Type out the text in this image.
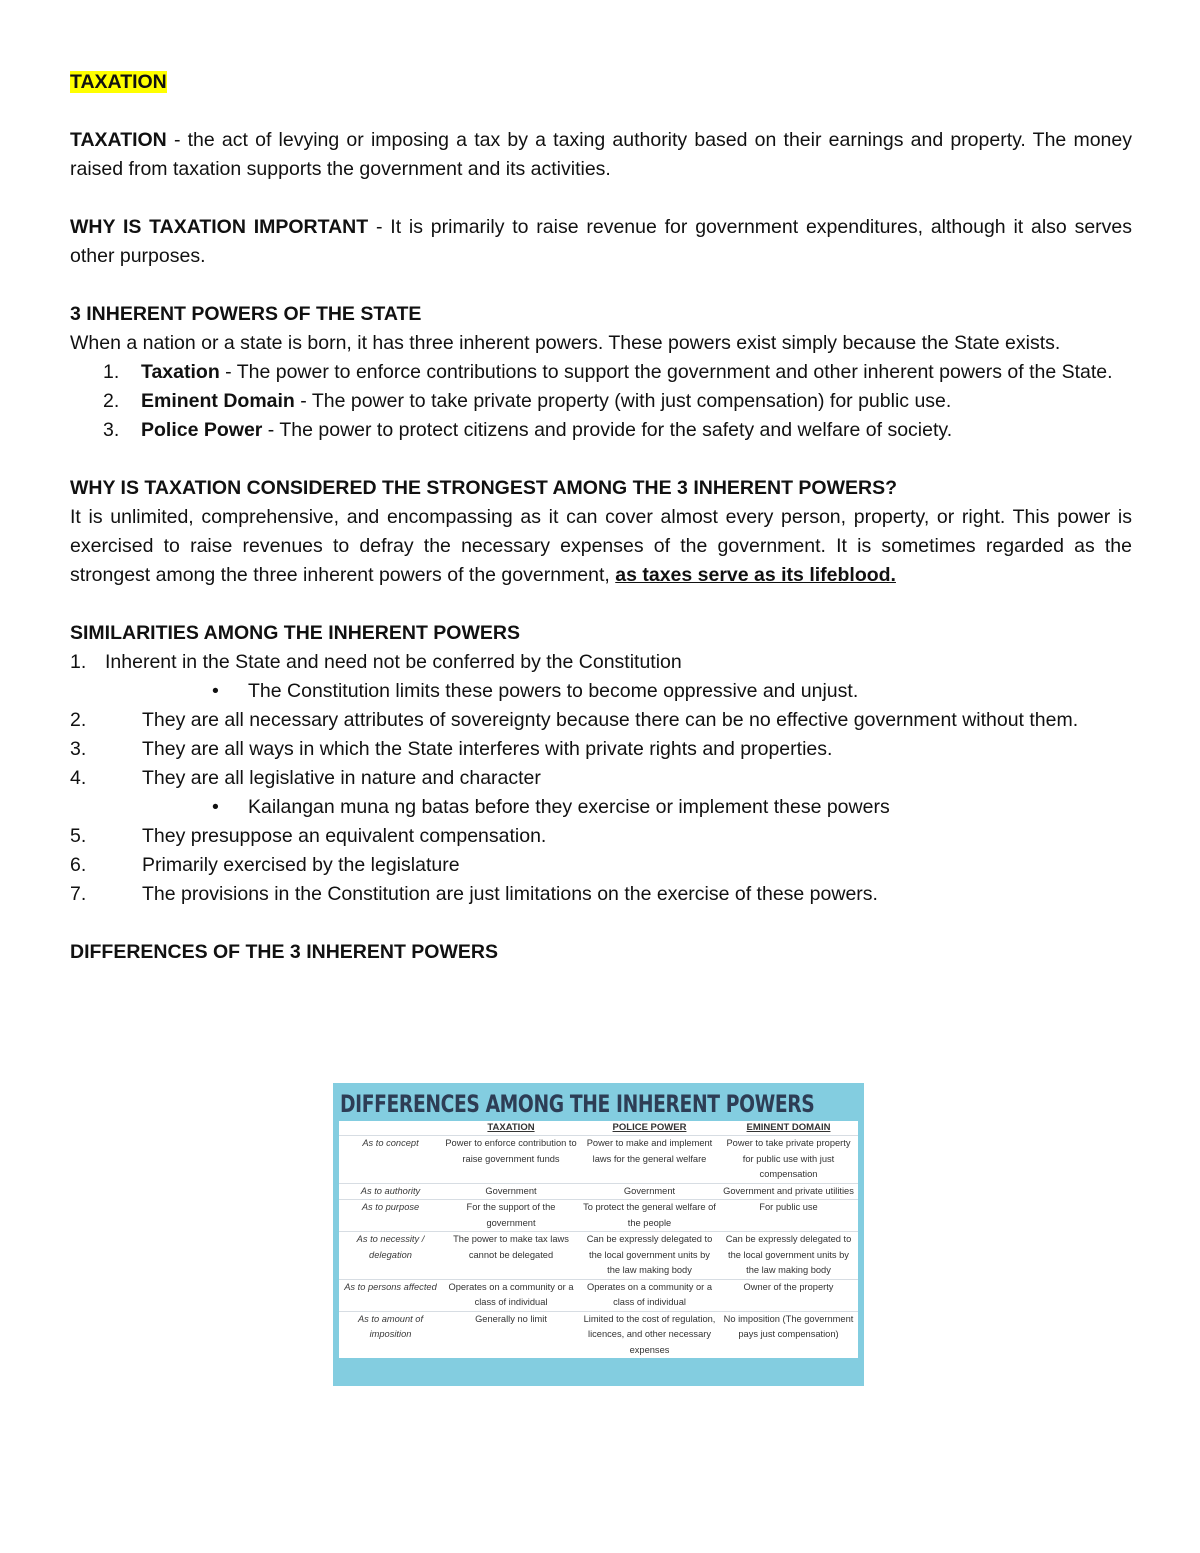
TAXATION

TAXATION - the act of levying or imposing a tax by a taxing authority based on their earnings and property. The money raised from taxation supports the government and its activities.

WHY IS TAXATION IMPORTANT - It is primarily to raise revenue for government expenditures, although it also serves other purposes.

3 INHERENT POWERS OF THE STATE

When a nation or a state is born, it has three inherent powers. These powers exist simply because the State exists.

1.	Taxation - The power to enforce contributions to support the government and other inherent powers of the State.
2.	Eminent Domain - The power to take private property (with just compensation) for public use.
3.	Police Power - The power to protect citizens and provide for the safety and welfare of society.

WHY IS TAXATION CONSIDERED THE STRONGEST AMONG THE 3 INHERENT POWERS?

It is unlimited, comprehensive, and encompassing as it can cover almost every person, property, or right. This power is exercised to raise revenues to defray the necessary expenses of the government. It is sometimes regarded as the strongest among the three inherent powers of the government, as taxes serve as its lifeblood.

SIMILARITIES AMONG THE INHERENT POWERS

1. Inherent in the State and need not be conferred by the Constitution
•
The Constitution limits these powers to become oppressive and unjust.
2.	They are all necessary attributes of sovereignty because there can be no effective government without them.
3.	They are all ways in which the State interferes with private rights and properties.
4.	They are all legislative in nature and character
•
Kailangan muna ng batas before they exercise or implement these powers
5.	They presuppose an equivalent compensation.
6.	Primarily exercised by the legislature
7.	The provisions in the Constitution are just limitations on the exercise of these powers.

DIFFERENCES OF THE 3 INHERENT POWERS

DIFFERENCES AMONG THE INHERENT POWERS
	TAXATION	POLICE POWER	EMINENT DOMAIN
As to concept	Power to enforce contribution to raise government funds	Power to make and implement laws for the general welfare	Power to take private property for public use with just compensation
As to authority	Government	Government	Government and private utilities
As to purpose	For the support of the government	To protect the general welfare of the people	For public use
As to necessity / delegation	The power to make tax laws cannot be delegated	Can be expressly delegated to the local government units by the law making body	Can be expressly delegated to the local government units by the law making body
As to persons affected	Operates on a community or a class of individual	Operates on a community or a class of individual	Owner of the property
As to amount of imposition	Generally no limit	Limited to the cost of regulation, licences, and other necessary expenses	No imposition (The government pays just compensation)
